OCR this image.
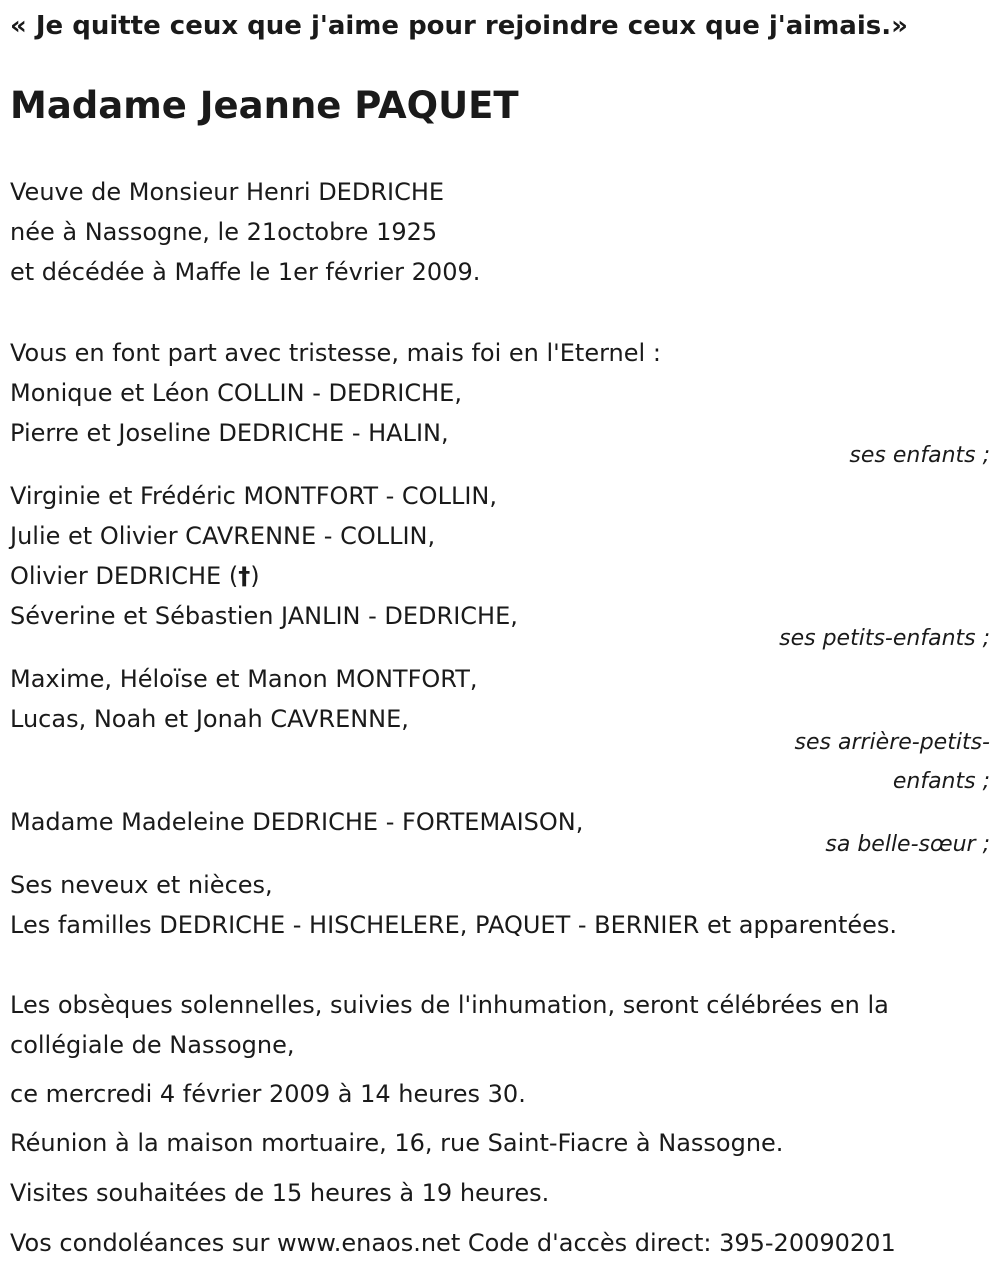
« Je quitte ceux que j'aime pour rejoindre ceux que j'aimais.»
Madame Jeanne PAQUET
Veuve de Monsieur Henri DEDRICHE
née à Nassogne, le 21octobre 1925
et décédée à Maffe le 1er février 2009.
Vous en font part avec tristesse, mais foi en l'Eternel :
Monique et Léon COLLIN - DEDRICHE,
Pierre et Joseline DEDRICHE - HALIN,
ses enfants ;
Virginie et Frédéric MONTFORT - COLLIN,
Julie et Olivier CAVRENNE - COLLIN,
Olivier DEDRICHE (†)
Séverine et Sébastien JANLIN - DEDRICHE,
ses petits-enfants ;
Maxime, Héloïse et Manon MONTFORT,
Lucas, Noah et Jonah CAVRENNE,
ses arrière-petits-
enfants ;
Madame Madeleine DEDRICHE - FORTEMAISON,
sa belle-sœur ;
Ses neveux et nièces,
Les familles DEDRICHE - HISCHELERE, PAQUET - BERNIER et apparentées.
Les obsèques solennelles, suivies de l'inhumation, seront célébrées en la
collégiale de Nassogne,
ce mercredi 4 février 2009 à 14 heures 30.
Réunion à la maison mortuaire, 16, rue Saint-Fiacre à Nassogne.
Visites souhaitées de 15 heures à 19 heures.
Vos condoléances sur www.enaos.net Code d'accès direct: 395-20090201
